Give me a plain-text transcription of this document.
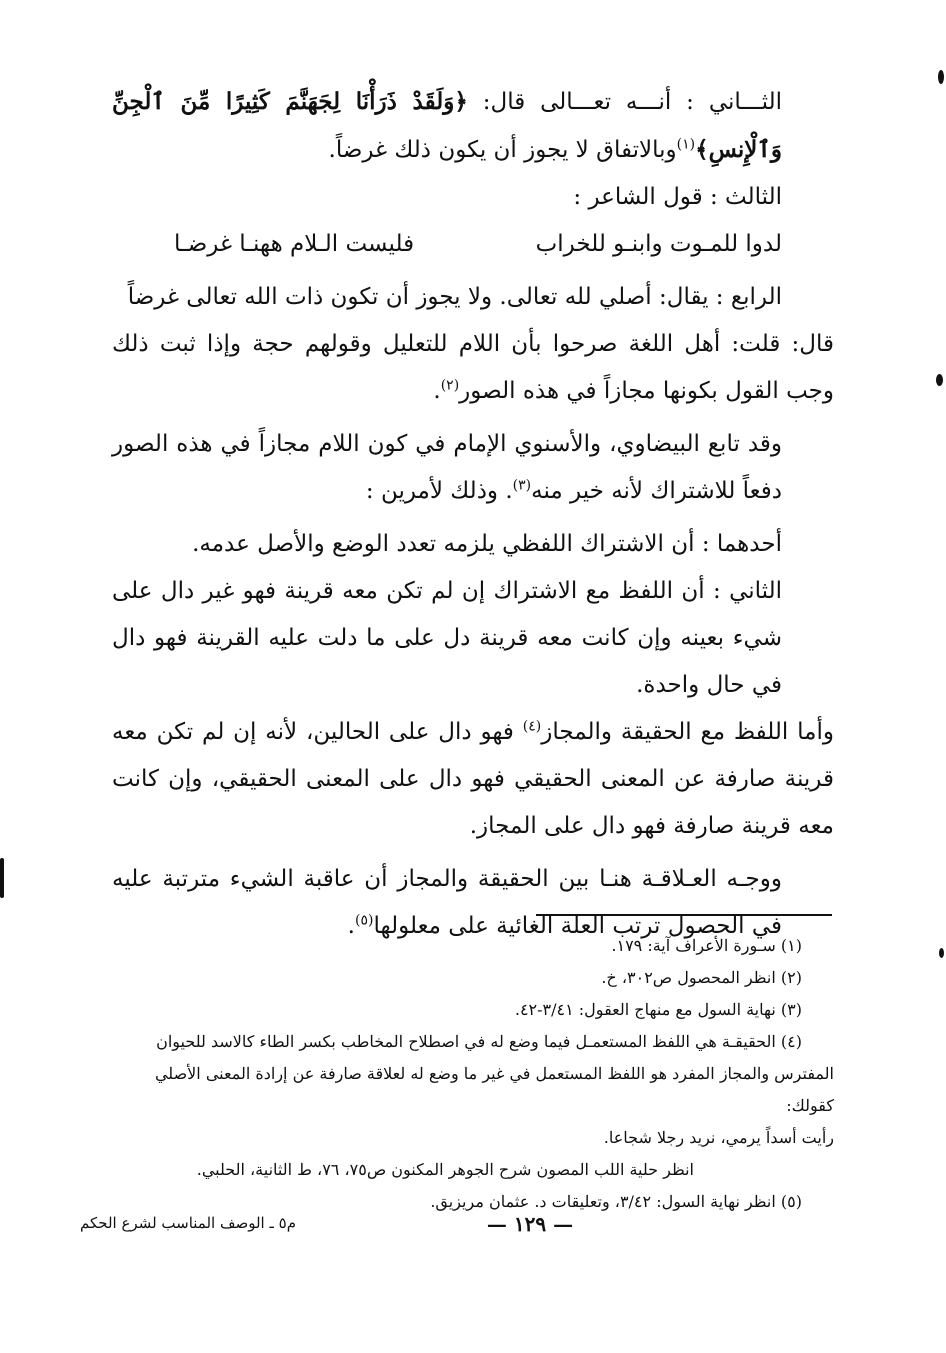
الثـــاني : أنـــه تعـــالى قال: ﴿وَلَقَدْ ذَرَأْنَا لِجَهَنَّمَ كَثِيرًا مِّنَ ٱلْجِنِّ وَٱلْإِنسِ﴾$^{(١)}$وبالاتفاق لا يجوز أن يكون ذلك غرضاً.

الثالث : قول الشاعر :

لدوا للمـوت وابنـو للخراب
فليست الـلام ههنـا غرضـا

الرابع : يقال: أصلي لله تعالى. ولا يجوز أن تكون ذات الله تعالى غرضاً

قال: قلت: أهل اللغة صرحوا بأن اللام للتعليل وقولهم حجة وإذا ثبت ذلك وجب القول بكونها مجازاً في هذه الصور$^{(٢)}$.

وقد تابع البيضاوي، والأسنوي الإمام في كون اللام مجازاً في هذه الصور دفعاً للاشتراك لأنه خير منه$^{(٣)}$. وذلك لأمرين :

أحدهما : أن الاشتراك اللفظي يلزمه تعدد الوضع والأصل عدمه.

الثاني : أن اللفظ مع الاشتراك إن لم تكن معه قرينة فهو غير دال على شيء بعينه وإن كانت معه قرينة دل على ما دلت عليه القرينة فهو دال في حال واحدة.

وأما اللفظ مع الحقيقة والمجاز$^{(٤)}$ فهو دال على الحالين، لأنه إن لم تكن معه قرينة صارفة عن المعنى الحقيقي فهو دال على المعنى الحقيقي، وإن كانت معه قرينة صارفة فهو دال على المجاز.

ووجـه العـلاقـة هنـا بين الحقيقة والمجاز أن عاقبة الشيء مترتبة عليه في الحصول ترتب العلة الغائية على معلولها$^{(٥)}$.

(١) سـورة الأعراف آية: ١٧٩.

(٢) انظر المحصول ص٣٠٢، خ.

(٣) نهاية السول مع منهاج العقول: ٣/٤١-٤٢.

(٤) الحقيقـة هي اللفظ المستعمـل فيما وضع له في اصطلاح المخاطب بكسر الطاء كالاسد للحيوان

المفترس والمجاز المفرد هو اللفظ المستعمل في غير ما وضع له لعلاقة صارفة عن إرادة المعنى الأصلي كقولك:

رأيت أسداً يرمي، نريد رجلا شجاعا.

انظر حلية اللب المصون شرح الجوهر المكنون ص٧٥، ٧٦، ط الثانية، الحلبي.

(٥) انظر نهاية السول: ٣/٤٢، وتعليقات د. عثمان مريزيق.

— ١٢٩ —
م٥ ـ الوصف المناسب لشرع الحكم
